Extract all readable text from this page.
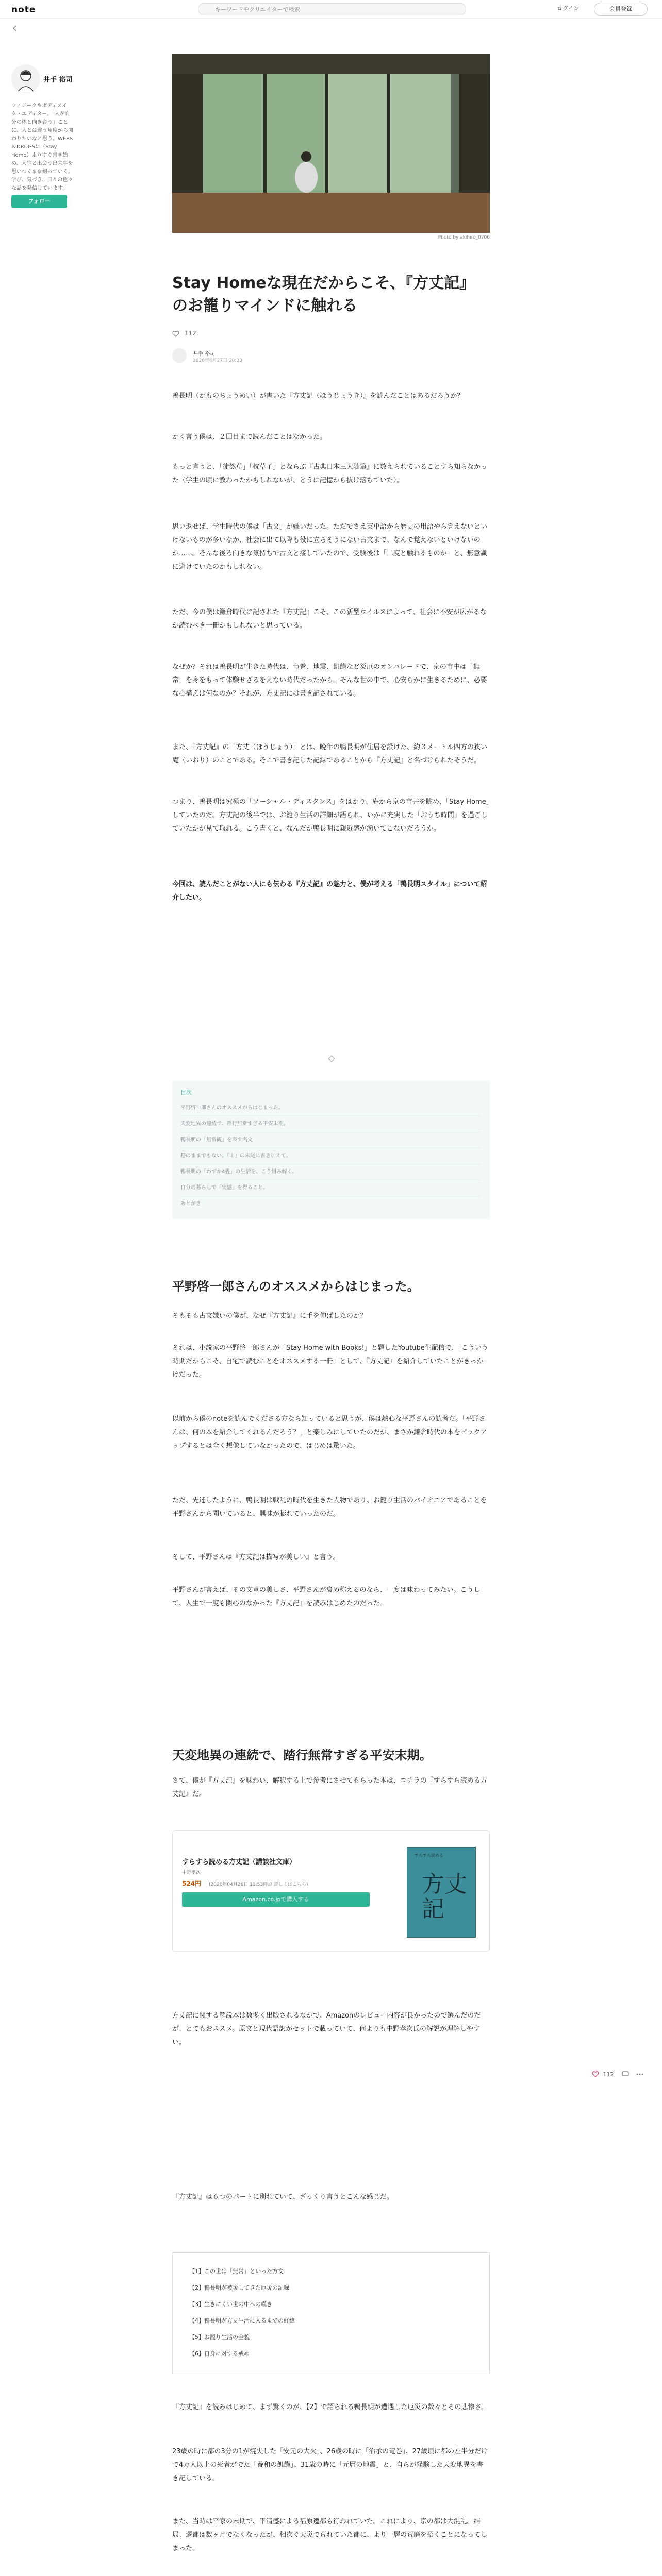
note
キーワードやクリエイターで検索	ログイン	会員登録
井手 裕司
フィジーク＆ボディメイク・エディター。「人が自分の体と向き合う」ことに、人とは違う角度から関わりたいなと思う。WEBS＆DRUGSに（Stay Home）よりすぐ書き始め、人生と出会う出来事を思いつくまま綴っていく。学び、気づき、日々の色々な話を発信しています。
フォロー
Photo by akihiro_0706
Stay Homeな現在だからこそ、『方丈記』のお籠りマインドに触れる
112
井手 裕司
2020年4月27日 20:33
鴨長明（かものちょうめい）が書いた『方丈記（ほうじょうき）』を読んだことはあるだろうか？
かく言う僕は、２回目まで読んだことはなかった。
もっと言うと、「徒然草」「枕草子」とならぶ『古典日本三大随筆』に数えられていることすら知らなかった（学生の頃に教わったかもしれないが、とうに記憶から抜け落ちていた）。
思い返せば、学生時代の僕は「古文」が嫌いだった。ただでさえ英単語から歴史の用語やら覚えないといけないものが多いなか、社会に出て以降も役に立ちそうにない古文まで、なんで覚えないといけないのか……。そんな後ろ向きな気持ちで古文と接していたので、受験後は「二度と触れるものか」と、無意識に避けていたのかもしれない。
ただ、今の僕は鎌倉時代に記された『方丈記』こそ、この新型ウイルスによって、社会に不安が広がるなか読むべき一冊かもしれないと思っている。
なぜか？それは鴨長明が生きた時代は、竜巻、地震、飢饉など災厄のオンパレードで、京の市中は「無常」を身をもって体験せざるをえない時代だったから。そんな世の中で、心安らかに生きるために、必要な心構えは何なのか？それが、方丈記には書き記されている。
また、『方丈記』の「方丈（ほうじょう）」とは、晩年の鴨長明が住居を設けた、約３メートル四方の狭い庵（いおり）のことである。そこで書き記した記録であることから『方丈記』と名づけられたそうだ。
つまり、鴨長明は究極の「ソーシャル・ディスタンス」をはかり、庵から京の市井を眺め、「Stay Home」していたのだ。方丈記の後半では、お籠り生活の詳細が語られ、いかに充実した「おうち時間」を過ごしていたかが見て取れる。こう書くと、なんだか鴨長明に親近感が湧いてこないだろうか。
今回は、読んだことがない人にも伝わる『方丈記』の魅力と、僕が考える「鴨長明スタイル」について紹介したい。
目次
平野啓一郎さんのオススメからはじまった。
天変地異の連続で、踏行無常すぎる平安末期。
鴨長明の「無常観」を表す名文
趣のままでもない。『山』の末尾に書き加えて。
鴨長明の「わずか4畳」の生活を、こう組み解く。
自分の暮らしで「実感」を得ること。
あとがき
平野啓一郎さんのオススメからはじまった。
そもそも古文嫌いの僕が、なぜ『方丈記』に手を伸ばしたのか？
それは、小説家の平野啓一郎さんが「Stay Home with Books!」と題したYoutube生配信で、「こういう時期だからこそ、自宅で読むことをオススメする一冊」として、『方丈記』を紹介していたことがきっかけだった。
以前から僕のnoteを読んでくださる方なら知っていると思うが、僕は熱心な平野さんの読者だ。「平野さんは、何の本を紹介してくれるんだろう？」と楽しみにしていたのだが、まさか鎌倉時代の本をピックアップするとは全く想像していなかったので、はじめは驚いた。
ただ、先述したように、鴨長明は戦乱の時代を生きた人物であり、お籠り生活のパイオニアであることを平野さんから聞いていると、興味が膨れていったのだ。
そして、平野さんは『方丈記は描写が美しい』と言う。
平野さんが言えば、その文章の美しさ、平野さんが褒め称えるのなら、一度は味わってみたい。こうして、人生で一度も関心のなかった『方丈記』を読みはじめたのだった。
天変地異の連続で、踏行無常すぎる平安末期。
さて、僕が『方丈記』を味わい、解釈する上で参考にさせてもらった本は、コチラの『すらすら読める方丈記』だ。
すらすら読める方丈記（講談社文庫）
中野孝次
524円 (2020年04月26日 11:53時点 詳しくはこちら)
Amazon.co.jpで購入する
すらすら読める
方丈記
方丈記に関する解説本は数多く出版されるなかで、Amazonのレビュー内容が良かったので選んだのだが、とてもおススメ。原文と現代語訳がセットで載っていて、何よりも中野孝次氏の解説が理解しやすい。
112
『方丈記』は６つのパートに別れていて、ざっくり言うとこんな感じだ。
【1】この世は「無常」といった方文
【2】鴨長明が被災してきた厄災の記録
【3】生きにくい世の中への嘆き
【4】鴨長明が方丈生活に入るまでの経緯
【5】お籠り生活の全貌
【6】自身に対する戒め
『方丈記』を読みはじめて、まず驚くのが、【2】で語られる鴨長明が遭遇した厄災の数々とその悲惨さ。
23歳の時に都の3分の1が焼失した「安元の大火」、26歳の時に「治承の竜巻」、27歳頃に都の左半分だけで4万人以上の死者がでた「養和の飢饉」、31歳の時に「元暦の地震」と、自らが経験した天変地異を書き記している。
また、当時は平家の末期で、平清盛による福原遷都も行われていた。これにより、京の都は大混乱。結局、遷都は数ヶ月でなくなったが、相次ぐ天災で荒れていた都に、より一層の荒廃を招くことになってしまった。
